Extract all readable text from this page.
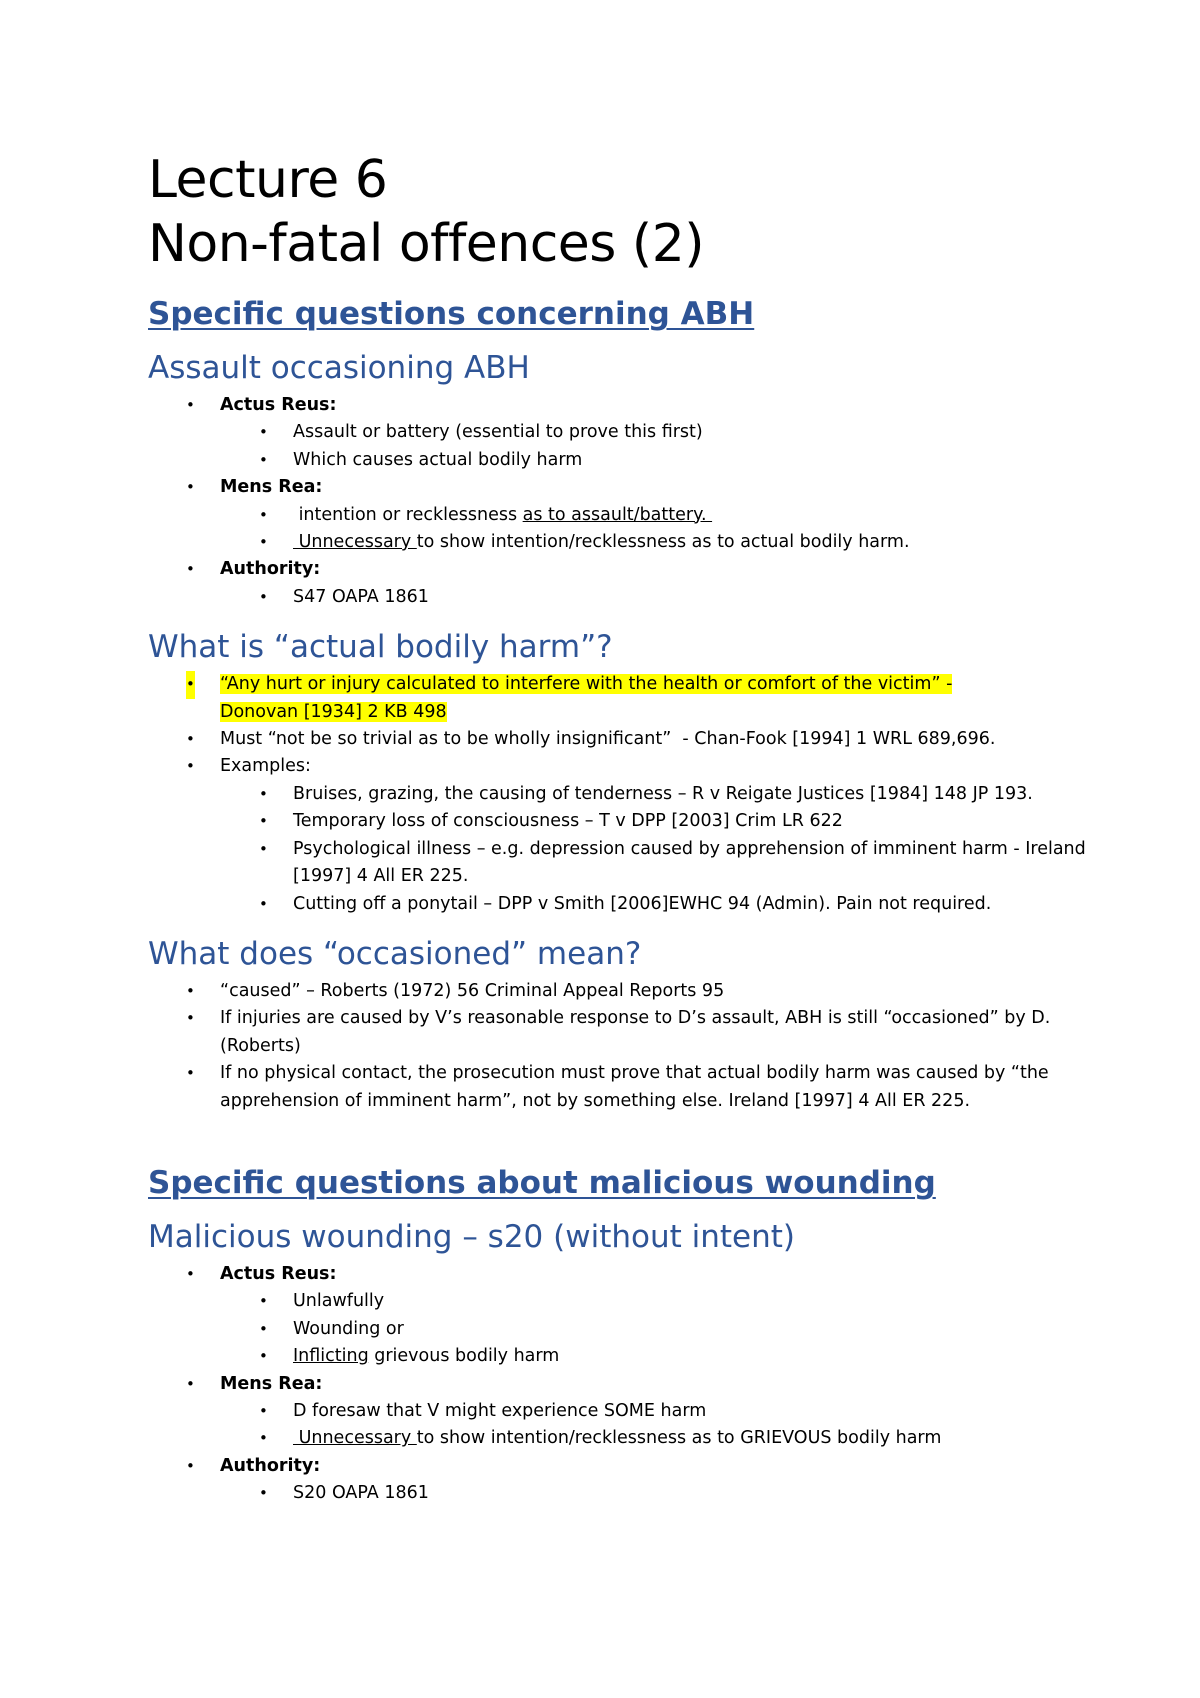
Lecture 6
Non-fatal offences (2)
Specific questions concerning ABH
Assault occasioning ABH
• Actus Reus:
• Assault or battery (essential to prove this first)
• Which causes actual bodily harm
• Mens Rea:
• intention or recklessness as to assault/battery.
• Unnecessary to show intention/recklessness as to actual bodily harm.
• Authority:
• S47 OAPA 1861
What is “actual bodily harm”?
• “Any hurt or injury calculated to interfere with the health or comfort of the victim” -
Donovan [1934] 2 KB 498
• Must “not be so trivial as to be wholly insignificant”  - Chan-Fook [1994] 1 WRL 689,696.
• Examples:
• Bruises, grazing, the causing of tenderness – R v Reigate Justices [1984] 148 JP 193.
• Temporary loss of consciousness – T v DPP [2003] Crim LR 622
• Psychological illness – e.g. depression caused by apprehension of imminent harm - Ireland [1997] 4 All ER 225.
• Cutting off a ponytail – DPP v Smith [2006]EWHC 94 (Admin). Pain not required.
What does “occasioned” mean?
• “caused” – Roberts (1972) 56 Criminal Appeal Reports 95
• If injuries are caused by V’s reasonable response to D’s assault, ABH is still “occasioned” by D. (Roberts)
• If no physical contact, the prosecution must prove that actual bodily harm was caused by “the apprehension of imminent harm”, not by something else. Ireland [1997] 4 All ER 225.
Specific questions about malicious wounding
Malicious wounding – s20 (without intent)
• Actus Reus:
• Unlawfully
• Wounding or
• Inflicting grievous bodily harm
• Mens Rea:
• D foresaw that V might experience SOME harm
• Unnecessary to show intention/recklessness as to GRIEVOUS bodily harm
• Authority:
• S20 OAPA 1861
